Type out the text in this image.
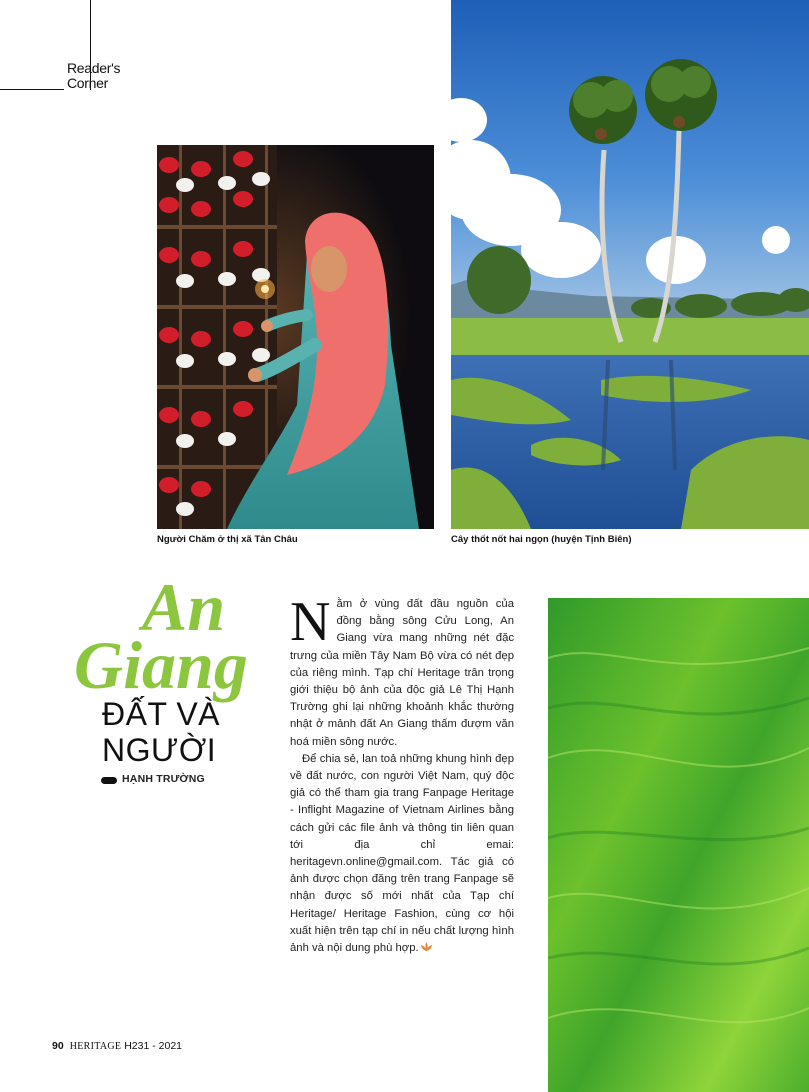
Reader's
Corner
Người Chăm ở thị xã Tân Châu	Cây thốt nốt hai ngọn (huyện Tịnh Biên)
An
Giang
ĐẤT VÀ
NGƯỜI
HẠNH TRƯỜNG

Nằm ở vùng đất đầu nguồn của đồng bằng sông Cửu Long, An Giang vừa mang những nét đặc trưng của miền Tây Nam Bộ vừa có nét đẹp của riêng mình. Tạp chí Heritage trân trọng giới thiệu bộ ảnh của độc giả Lê Thị Hạnh Trường ghi lại những khoảnh khắc thường nhật ở mảnh đất An Giang thấm đượm văn hoá miền sông nước.

Để chia sẻ, lan toả những khung hình đẹp về đất nước, con người Việt Nam, quý độc giả có thể tham gia trang Fanpage Heritage - Inflight Magazine of Vietnam Airlines bằng cách gửi các file ảnh và thông tin liên quan tới địa chỉ emai: heritagevn.online@gmail.com. Tác giả có ảnh được chọn đăng trên trang Fanpage sẽ nhận được số mới nhất của Tạp chí Heritage/ Heritage Fashion, cùng cơ hội xuất hiện trên tạp chí in nếu chất lượng hình ảnh và nội dung phù hợp.

90 HERITAGE H231 - 2021
